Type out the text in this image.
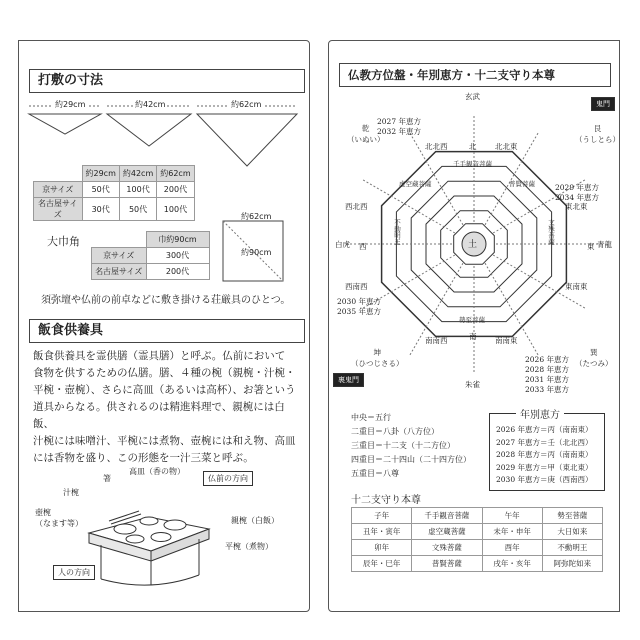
打敷の寸法
約29cm	約42cm	約62cm
	約29cm	約42cm	約62cm
京サイズ	50代	100代	200代
名古屋サイズ	30代	50代	100代
約62cm
約90cm
大巾角
		巾約90cm
京サイズ	300代
名古屋サイズ	200代
須弥壇や仏前の前卓などに敷き掛ける荘厳具のひとつ。
飯食供養具
飯食供養具を霊供膳（霊具膳）と呼ぶ。仏前において
食物を供するための仏膳。膳、４種の椀（親椀・汁椀・
平椀・壺椀）、さらに高皿（あるいは高杯）、お箸という
道具からなる。供されるのは精進料理で、親椀には白飯、
汁椀には味噌汁、平椀には煮物、壺椀には和え物、高皿
には香物を盛り、この形態を一汁三菜と呼ぶ。
箸
高皿（香の物）
仏前の方向
汁椀
壺椀
（なます等）	親椀（白飯）
平椀（煮物）
人の方向
仏教方位盤・年別恵方・十二支守り本尊
土
鬼門
裏鬼門
玄武
朱雀
白虎	青龍
乾
（いぬい）
艮
（うしとら）
坤
（ひつじさる）
巽
（たつみ）
北
南
東
西
北北西	北北東
東北東
東南東
南南東
南南西
西南西
西北西
2027 年恵方
2032 年恵方
2029 年恵方
2034 年恵方
2030 年恵方
2035 年恵方
2026 年恵方
2028 年恵方
2031 年恵方
2033 年恵方
千手観音菩薩
勢至菩薩
不動明王	文殊菩薩
虚空蔵菩薩	普賢菩薩
中央＝五行
二重目＝八卦（八方位）
三重目＝十二支（十二方位）
四重目＝二十四山（二十四方位）
五重目＝八尊
年別恵方
2026 年恵方＝丙（南南東）
2027 年恵方＝壬（北北西）
2028 年恵方＝丙（南南東）
2029 年恵方＝甲（東北東）
2030 年恵方＝庚（西南西）
十二支守り本尊
子年	千手観音菩薩	午年	勢至菩薩
丑年・寅年	虚空蔵菩薩	未年・申年	大日如来
卯年	文殊菩薩	酉年	不動明王
辰年・巳年	普賢菩薩	戌年・亥年	阿弥陀如来
